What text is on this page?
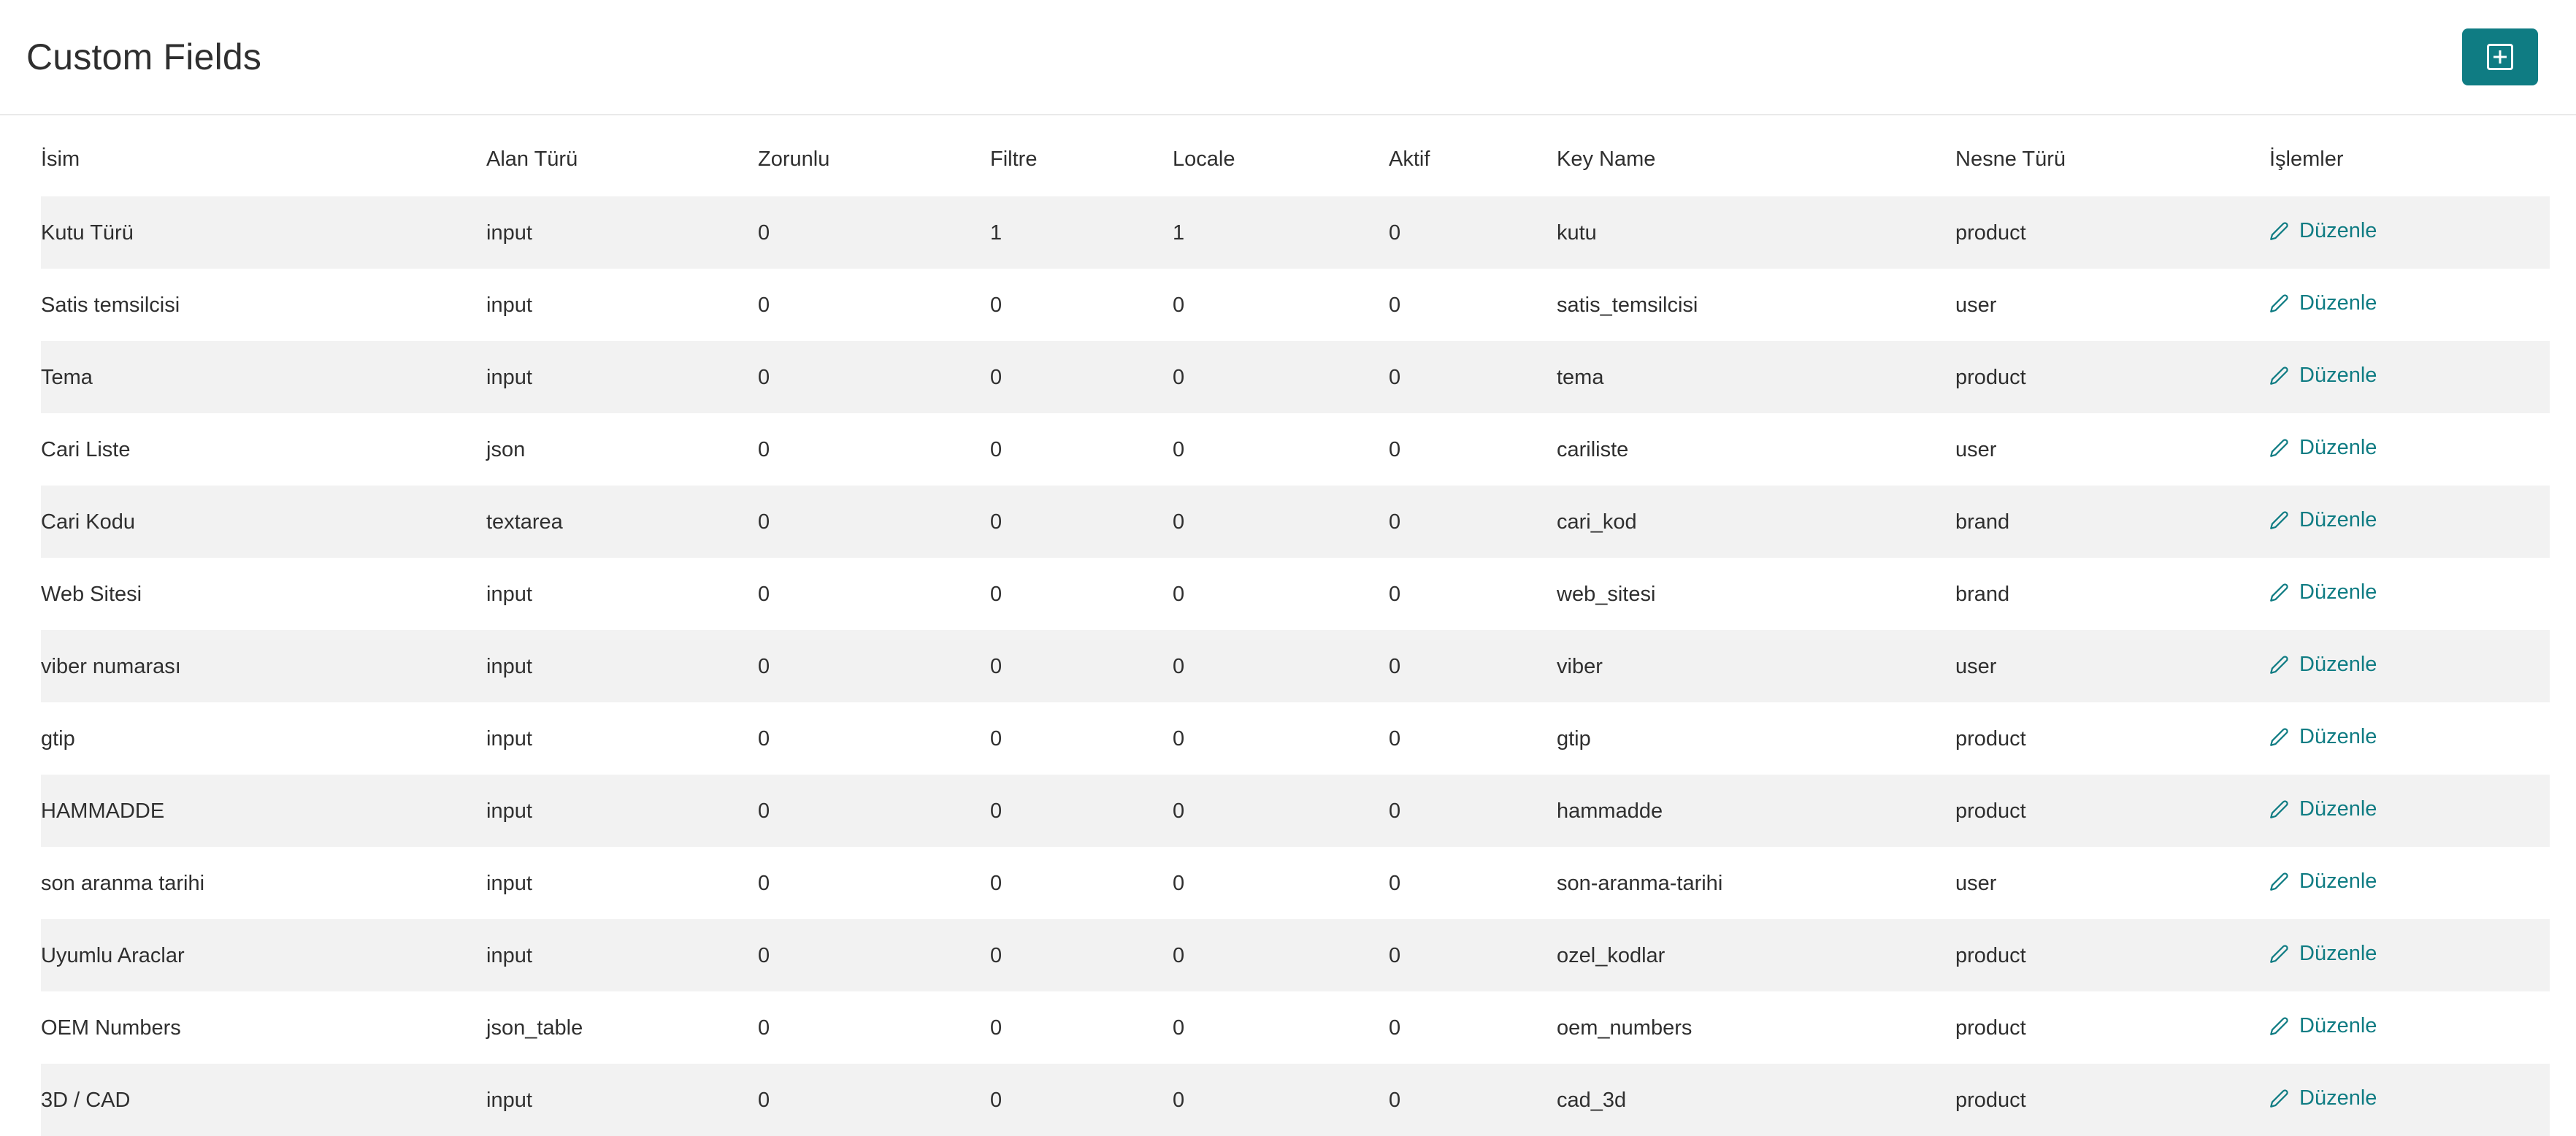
Custom Fields
İsim	Alan Türü	Zorunlu	Filtre	Locale	Aktif	Key Name	Nesne Türü	İşlemler
Kutu Türü	input	0	1	1	0	kutu	product	Düzenle

Satis temsilcisi	input	0	0	0	0	satis_temsilcisi	user	Düzenle

Tema	input	0	0	0	0	tema	product	Düzenle

Cari Liste	json	0	0	0	0	cariliste	user	Düzenle

Cari Kodu	textarea	0	0	0	0	cari_kod	brand	Düzenle

Web Sitesi	input	0	0	0	0	web_sitesi	brand	Düzenle

viber numarası	input	0	0	0	0	viber	user	Düzenle

gtip	input	0	0	0	0	gtip	product	Düzenle

HAMMADDE	input	0	0	0	0	hammadde	product	Düzenle

son aranma tarihi	input	0	0	0	0	son-aranma-tarihi	user	Düzenle

Uyumlu Araclar	input	0	0	0	0	ozel_kodlar	product	Düzenle

OEM Numbers	json_table	0	0	0	0	oem_numbers	product	Düzenle

3D / CAD	input	0	0	0	0	cad_3d	product	Düzenle
